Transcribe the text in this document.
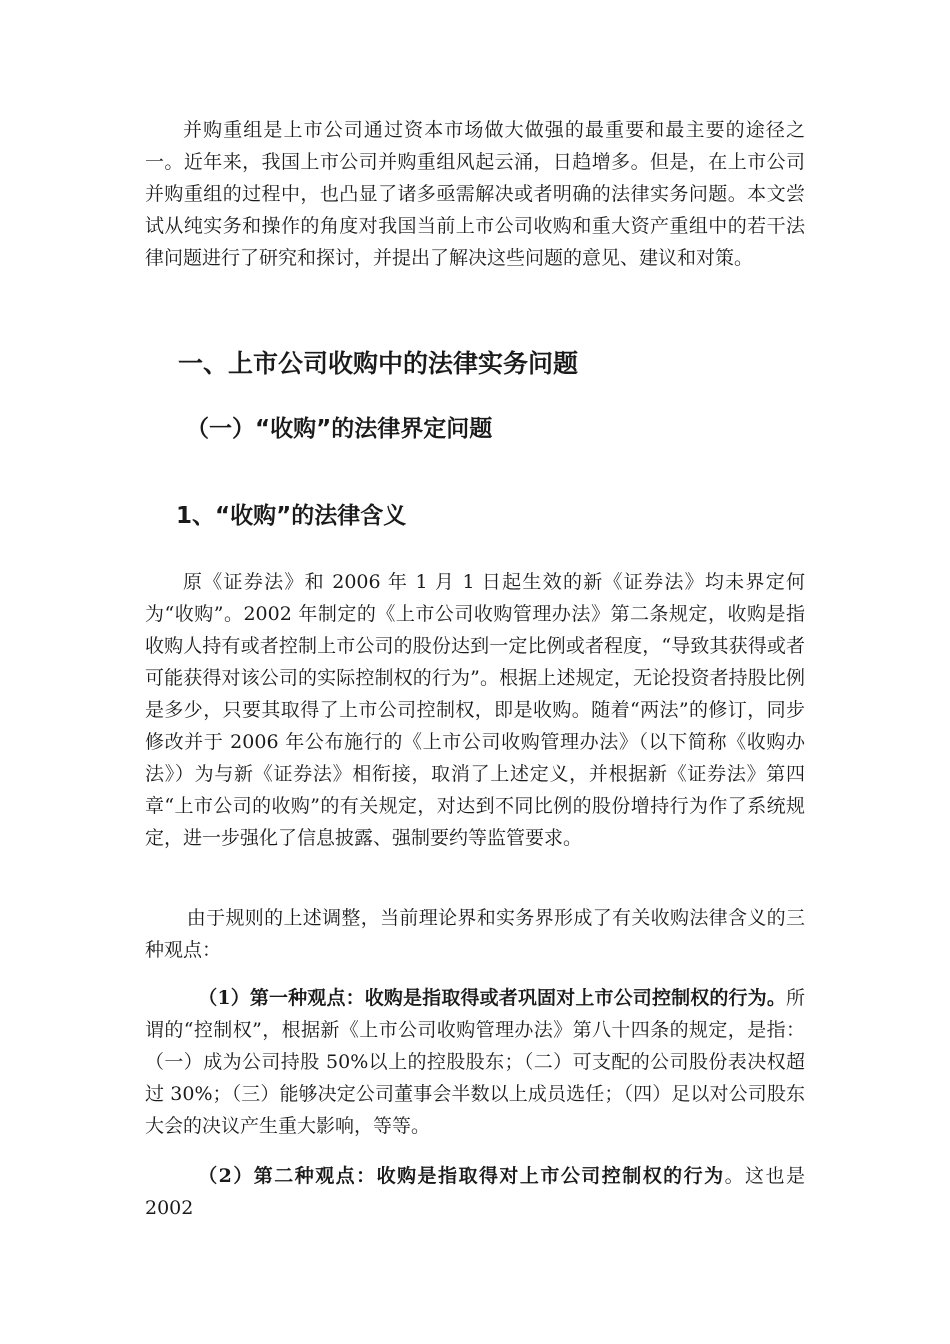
并购重组是上市公司通过资本市场做大做强的最重要和最主要的途径之一。近年来，我国上市公司并购重组风起云涌，日趋增多。但是，在上市公司并购重组的过程中，也凸显了诸多亟需解决或者明确的法律实务问题。本文尝试从纯实务和操作的角度对我国当前上市公司收购和重大资产重组中的若干法律问题进行了研究和探讨，并提出了解决这些问题的意见、建议和对策。

一、上市公司收购中的法律实务问题
（一）“收购”的法律界定问题
1、“收购”的法律含义

原《证券法》和 2006 年 1 月 1 日起生效的新《证券法》均未界定何为“收购”。2002 年制定的《上市公司收购管理办法》第二条规定，收购是指收购人持有或者控制上市公司的股份达到一定比例或者程度，“导致其获得或者可能获得对该公司的实际控制权的行为”。根据上述规定，无论投资者持股比例是多少，只要其取得了上市公司控制权，即是收购。随着“两法”的修订，同步修改并于 2006 年公布施行的《上市公司收购管理办法》（以下简称《收购办法》）为与新《证券法》相衔接，取消了上述定义，并根据新《证券法》第四章“上市公司的收购”的有关规定，对达到不同比例的股份增持行为作了系统规定，进一步强化了信息披露、强制要约等监管要求。

由于规则的上述调整，当前理论界和实务界形成了有关收购法律含义的三种观点：

（1）第一种观点：收购是指取得或者巩固对上市公司控制权的行为。所谓的“控制权”，根据新《上市公司收购管理办法》第八十四条的规定，是指：（一）成为公司持股 50%以上的控股股东；（二）可支配的公司股份表决权超过 30%；（三）能够决定公司董事会半数以上成员选任；（四）足以对公司股东大会的决议产生重大影响，等等。

（2）第二种观点：收购是指取得对上市公司控制权的行为。这也是 2002
